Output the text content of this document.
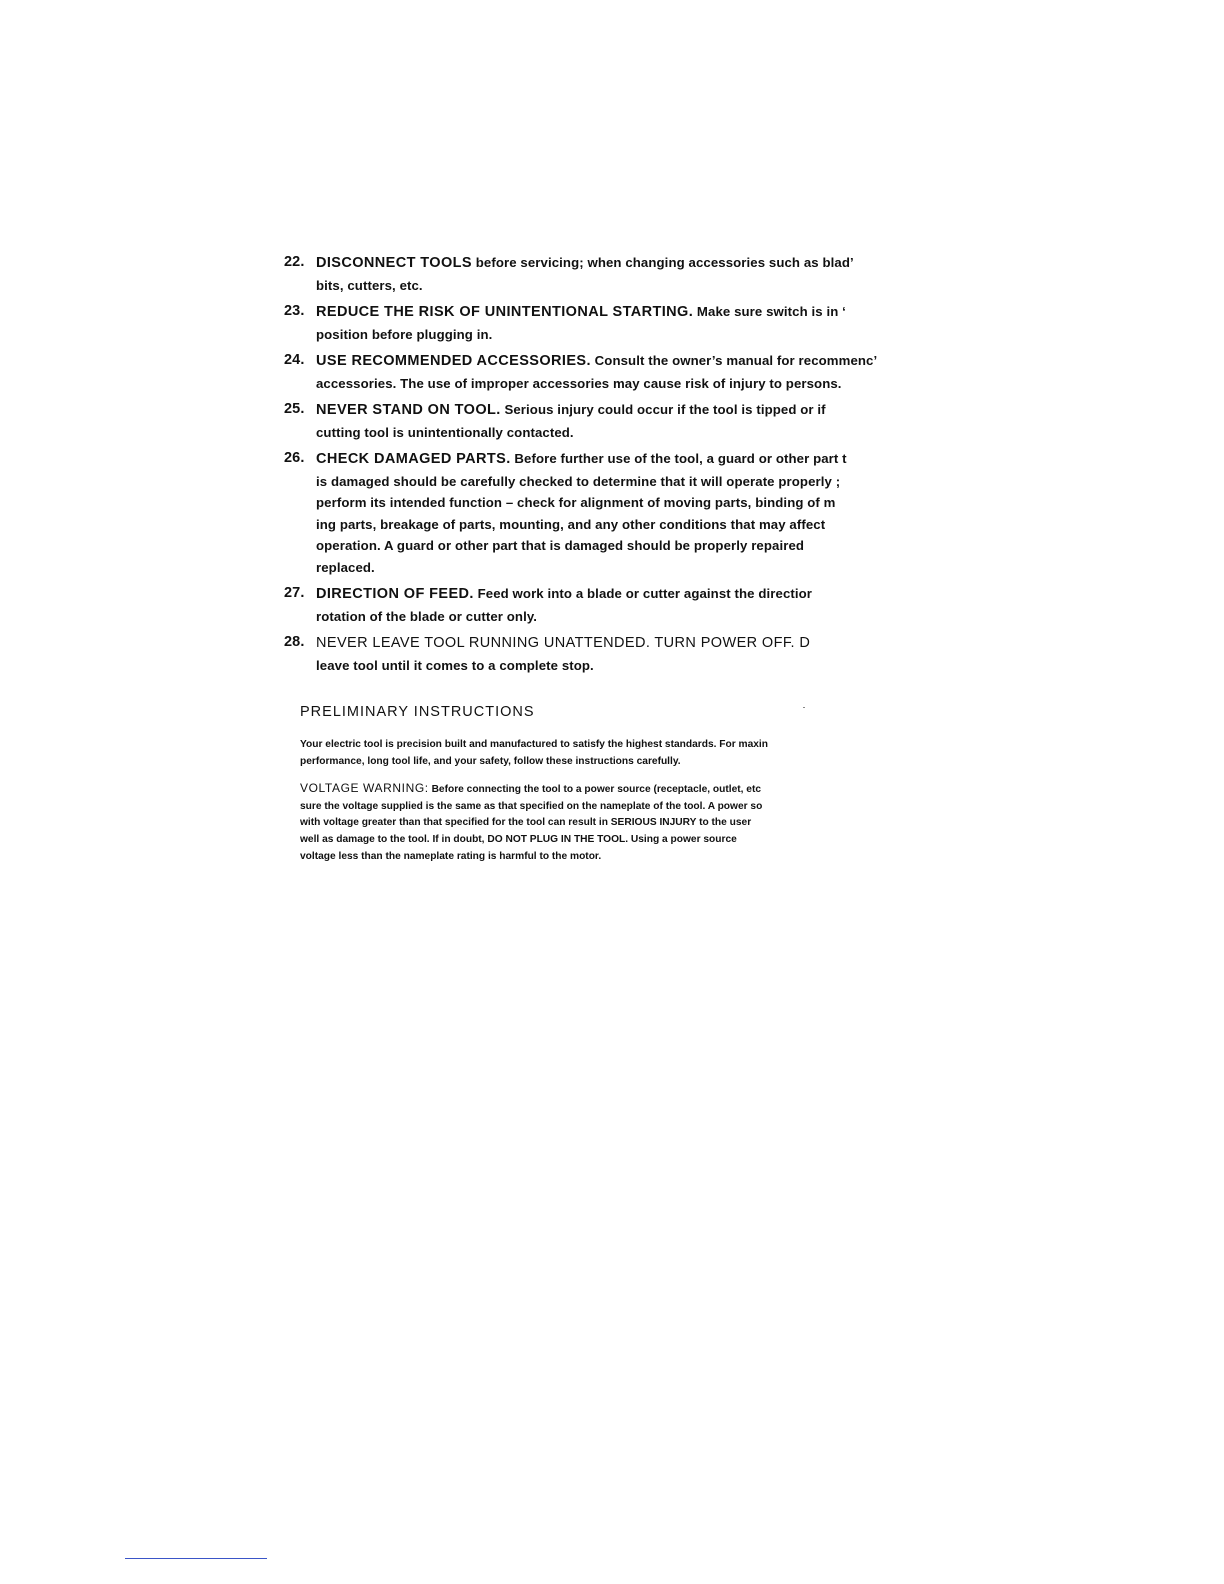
22. DISCONNECT TOOLS before servicing; when changing accessories such as blad’
bits, cutters, etc.
23. REDUCE THE RISK OF UNINTENTIONAL STARTING. Make sure switch is in ‘
position before plugging in.
24. USE RECOMMENDED ACCESSORIES. Consult the owner’s manual for recommenc’
accessories. The use of improper accessories may cause risk of injury to persons.
25. NEVER STAND ON TOOL. Serious injury could occur if the tool is tipped or if
cutting tool is unintentionally contacted.
26. CHECK DAMAGED PARTS. Before further use of the tool, a guard or other part t
is damaged should be carefully checked to determine that it will operate properly ;
perform its intended function – check for alignment of moving parts, binding of m
ing parts, breakage of parts, mounting, and any other conditions that may affect
operation. A guard or other part that is damaged should be properly repaired
replaced.
27. DIRECTION OF FEED. Feed work into a blade or cutter against the directior
rotation of the blade or cutter only.
28. NEVER LEAVE TOOL RUNNING UNATTENDED. TURN POWER OFF. D
leave tool until it comes to a complete stop.
PRELIMINARY INSTRUCTIONS

Your electric tool is precision built and manufactured to satisfy the highest standards. For maxin
performance, long tool life, and your safety, follow these instructions carefully.

VOLTAGE WARNING: Before connecting the tool to a power source (receptacle, outlet, etc
sure the voltage supplied is the same as that specified on the nameplate of the tool. A power so
with voltage greater than that specified for the tool can result in SERIOUS INJURY to the user
well as damage to the tool. If in doubt, DO NOT PLUG IN THE TOOL. Using a power source
voltage less than the nameplate rating is harmful to the motor.
